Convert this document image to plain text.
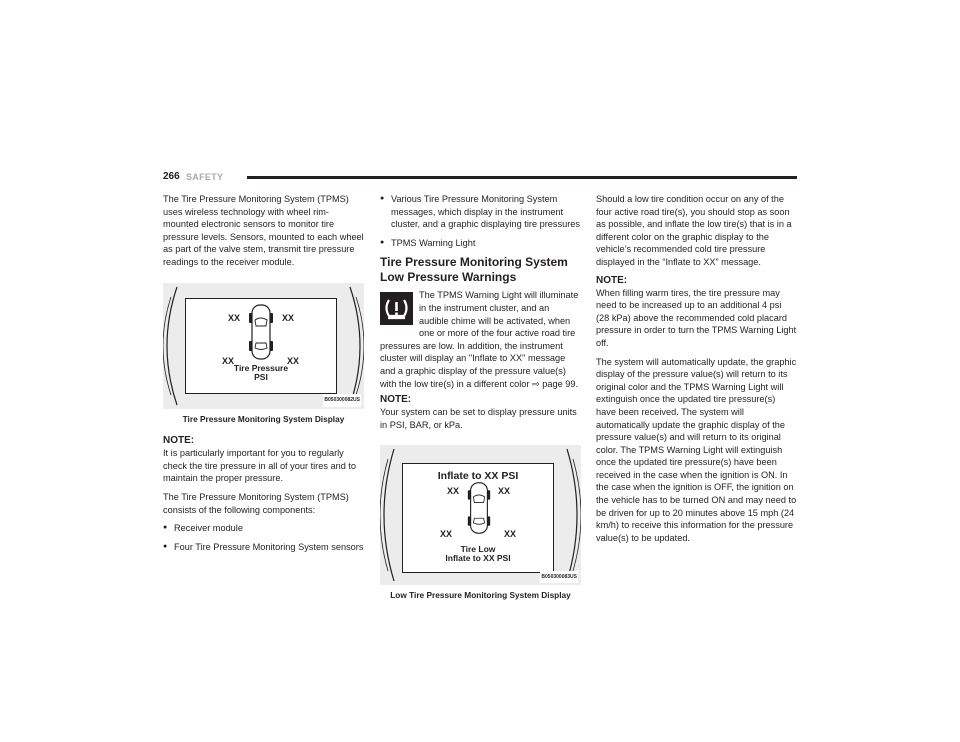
266 SAFETY

The Tire Pressure Monitoring System (TPMS) uses wireless technology with wheel rim-mounted electronic sensors to monitor tire pressure levels. Sensors, mounted to each wheel as part of the valve stem, transmit tire pressure readings to the receiver module.

XX	XX
XX	XX
Tire Pressure
PSI
B050300082US
Tire Pressure Monitoring System Display
NOTE:

It is particularly important for you to regularly check the tire pressure in all of your tires and to maintain the proper pressure.

The Tire Pressure Monitoring System (TPMS) consists of the following components:

● Receiver module
● Four Tire Pressure Monitoring System sensors
● Various Tire Pressure Monitoring System messages, which display in the instrument cluster, and a graphic displaying tire pressures
● TPMS Warning Light
Tire Pressure Monitoring System Low Pressure Warnings

The TPMS Warning Light will illuminate in the instrument cluster, and an audible chime will be activated, when one or more of the four active road tire pressures are low. In addition, the instrument cluster will display an "Inflate to XX" message and a graphic display of the pressure value(s) with the low tire(s) in a different color ⇨ page 99.

NOTE:

Your system can be set to display pressure units in PSI, BAR, or kPa.

Inflate to XX PSI
XX	XX
XX	XX
Tire Low
Inflate to XX PSI
B050300083US
Low Tire Pressure Monitoring System Display

Should a low tire condition occur on any of the four active road tire(s), you should stop as soon as possible, and inflate the low tire(s) that is in a different color on the graphic display to the vehicle’s recommended cold tire pressure displayed in the “Inflate to XX” message.

NOTE:

When filling warm tires, the tire pressure may need to be increased up to an additional 4 psi (28 kPa) above the recommended cold placard pressure in order to turn the TPMS Warning Light off.

The system will automatically update, the graphic display of the pressure value(s) will return to its original color and the TPMS Warning Light will extinguish once the updated tire pressure(s) have been received. The system will automatically update the graphic display of the pressure value(s) and will return to its original color. The TPMS Warning Light will extinguish once the updated tire pressure(s) have been received in the case when the ignition is ON. In the case when the ignition is OFF, the ignition on the vehicle has to be turned ON and may need to be driven for up to 20 minutes above 15 mph (24 km/h) to receive this information for the pressure value(s) to be updated.
